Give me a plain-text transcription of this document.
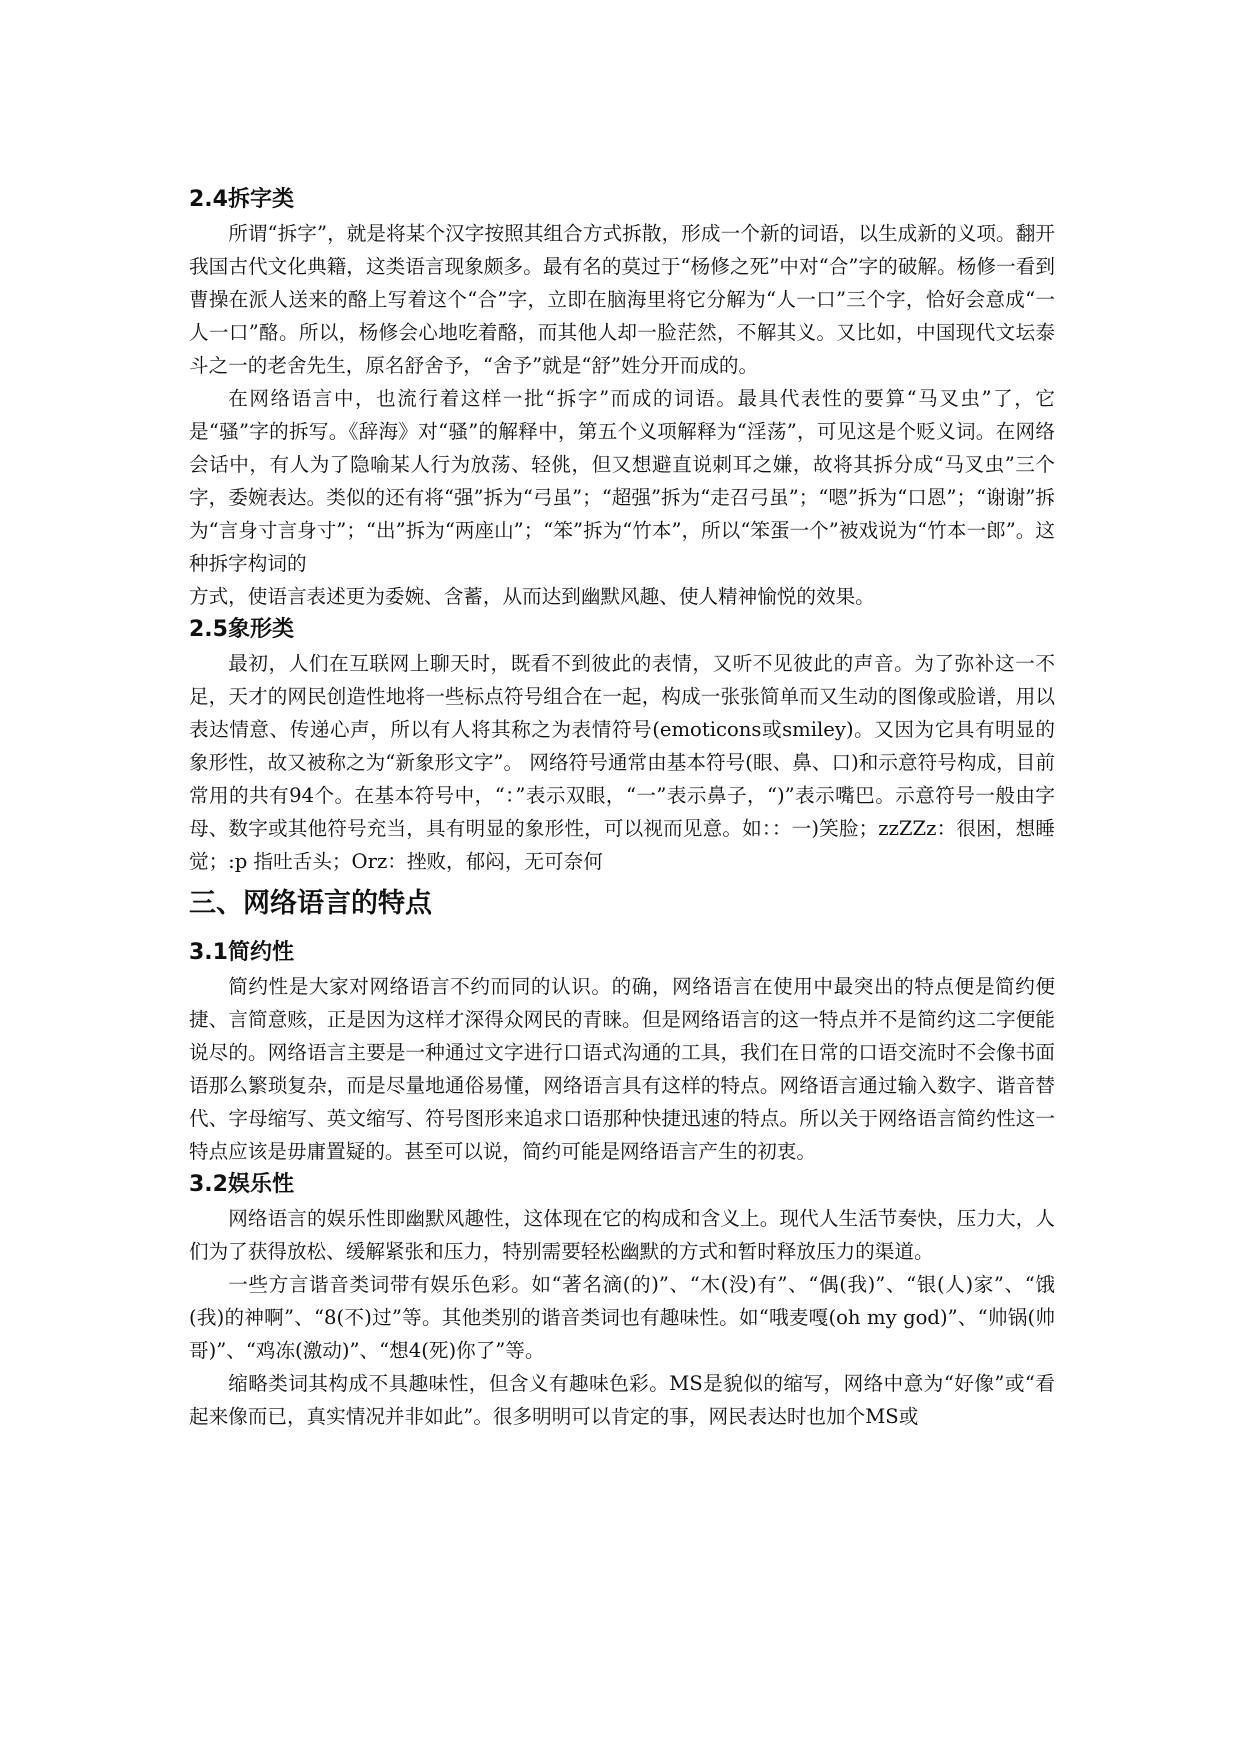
2.4拆字类

所谓“拆字”，就是将某个汉字按照其组合方式拆散，形成一个新的词语，以生成新的义项。翻开我国古代文化典籍，这类语言现象颇多。最有名的莫过于“杨修之死”中对“合”字的破解。杨修一看到曹操在派人送来的酪上写着这个“合”字，立即在脑海里将它分解为“人一口”三个字，恰好会意成“一人一口”酪。所以，杨修会心地吃着酪，而其他人却一脸茫然，不解其义。又比如，中国现代文坛泰斗之一的老舍先生，原名舒舍予，“舍予”就是“舒”姓分开而成的。

在网络语言中，也流行着这样一批“拆字”而成的词语。最具代表性的要算“马叉虫”了，它是“骚”字的拆写。《辞海》对“骚”的解释中，第五个义项解释为“淫荡”，可见这是个贬义词。在网络会话中，有人为了隐喻某人行为放荡、轻佻，但又想避直说刺耳之嫌，故将其拆分成“马叉虫”三个字，委婉表达。类似的还有将“强”拆为“弓虽”；“超强”拆为“走召弓虽”；“嗯”拆为“口恩”；“谢谢”拆为“言身寸言身寸”；“出”拆为“两座山”；“笨”拆为“竹本”，所以“笨蛋一个”被戏说为“竹本一郎”。这种拆字构词的

方式，使语言表述更为委婉、含蓄，从而达到幽默风趣、使人精神愉悦的效果。

2.5象形类

最初，人们在互联网上聊天时，既看不到彼此的表情，又听不见彼此的声音。为了弥补这一不足，天才的网民创造性地将一些标点符号组合在一起，构成一张张简单而又生动的图像或脸谱，用以表达情意、传递心声，所以有人将其称之为表情符号(emoticons或smiley)。又因为它具有明显的象形性，故又被称之为“新象形文字”。 网络符号通常由基本符号(眼、鼻、口)和示意符号构成，目前常用的共有94个。在基本符号中，“：”表示双眼，“一”表示鼻子，“)”表示嘴巴。示意符号一般由字母、数字或其他符号充当，具有明显的象形性，可以视而见意。如：：一)笑脸；zzZZz：很困，想睡觉；:p 指吐舌头；Orz：挫败，郁闷，无可奈何

三、网络语言的特点
3.1简约性

简约性是大家对网络语言不约而同的认识。的确，网络语言在使用中最突出的特点便是简约便捷、言简意赅，正是因为这样才深得众网民的青睐。但是网络语言的这一特点并不是简约这二字便能说尽的。网络语言主要是一种通过文字进行口语式沟通的工具，我们在日常的口语交流时不会像书面语那么繁琐复杂，而是尽量地通俗易懂，网络语言具有这样的特点。网络语言通过输入数字、谐音替代、字母缩写、英文缩写、符号图形来追求口语那种快捷迅速的特点。所以关于网络语言简约性这一特点应该是毋庸置疑的。甚至可以说，简约可能是网络语言产生的初衷。

3.2娱乐性

网络语言的娱乐性即幽默风趣性，这体现在它的构成和含义上。现代人生活节奏快，压力大，人们为了获得放松、缓解紧张和压力，特别需要轻松幽默的方式和暂时释放压力的渠道。

一些方言谐音类词带有娱乐色彩。如“著名滴(的)”、“木(没)有”、“偶(我)”、“银(人)家”、“饿(我)的神啊”、“8(不)过”等。其他类别的谐音类词也有趣味性。如“哦麦嘎(oh my god)”、“帅锅(帅哥)”、“鸡冻(激动)”、“想4(死)你了”等。

缩略类词其构成不具趣味性，但含义有趣味色彩。MS是貌似的缩写，网络中意为“好像”或“看起来像而已，真实情况并非如此”。很多明明可以肯定的事，网民表达时也加个MS或
